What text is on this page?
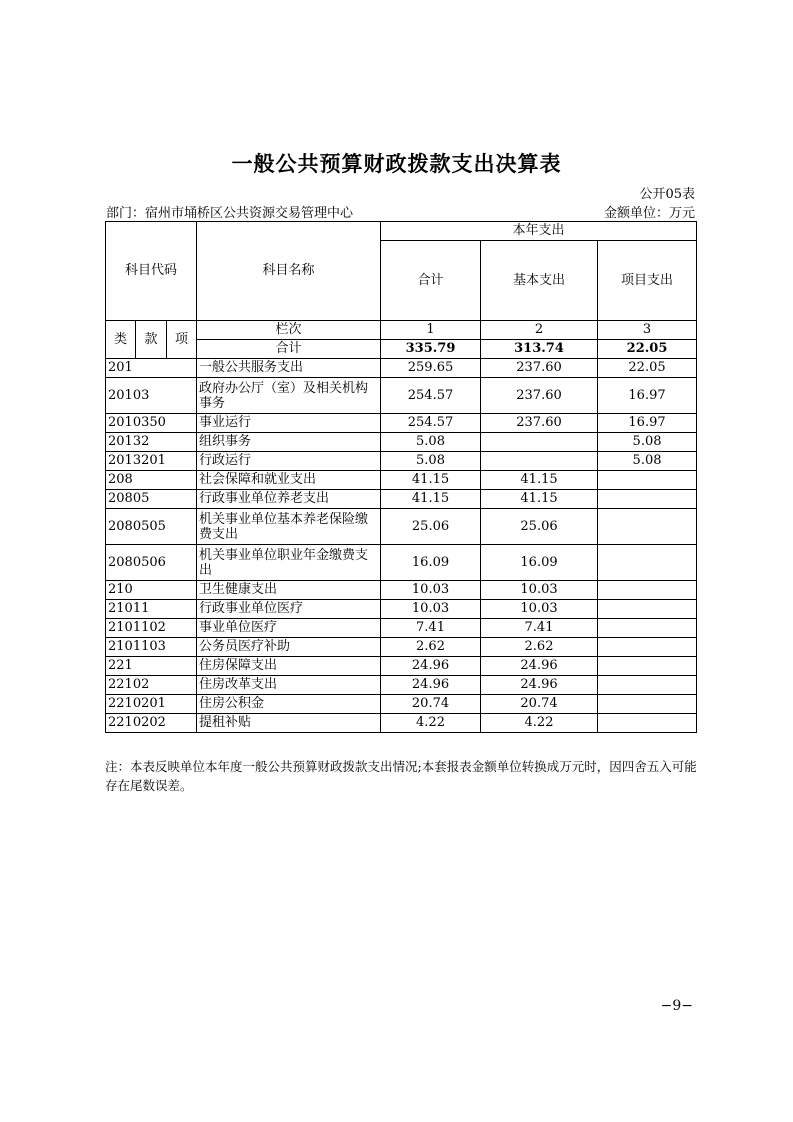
一般公共预算财政拨款支出决算表
公开05表
部门：宿州市埇桥区公共资源交易管理中心	金额单位：万元
科目代码			科目名称	本年支出		
				合计	基本支出	项目支出

类	款	项	栏次	1	2	3
			合计	335.79	313.74	22.05
201			一般公共服务支出	259.65	237.60	22.05
20103			政府办公厅（室）及相关机构事务	254.57	237.60	16.97
2010350			事业运行	254.57	237.60	16.97
20132			组织事务	5.08		5.08
2013201			行政运行	5.08		5.08
208			社会保障和就业支出	41.15	41.15	
20805			行政事业单位养老支出	41.15	41.15	
2080505			机关事业单位基本养老保险缴费支出	25.06	25.06	
2080506			机关事业单位职业年金缴费支出	16.09	16.09	
210			卫生健康支出	10.03	10.03	
21011			行政事业单位医疗	10.03	10.03	
2101102			事业单位医疗	7.41	7.41	
2101103			公务员医疗补助	2.62	2.62	
221			住房保障支出	24.96	24.96	
22102			住房改革支出	24.96	24.96	
2210201			住房公积金	20.74	20.74	
2210202			提租补贴	4.22	4.22	
注：本表反映单位本年度一般公共预算财政拨款支出情况;本套报表金额单位转换成万元时，因四舍五入可能存在尾数误差。
−9−
